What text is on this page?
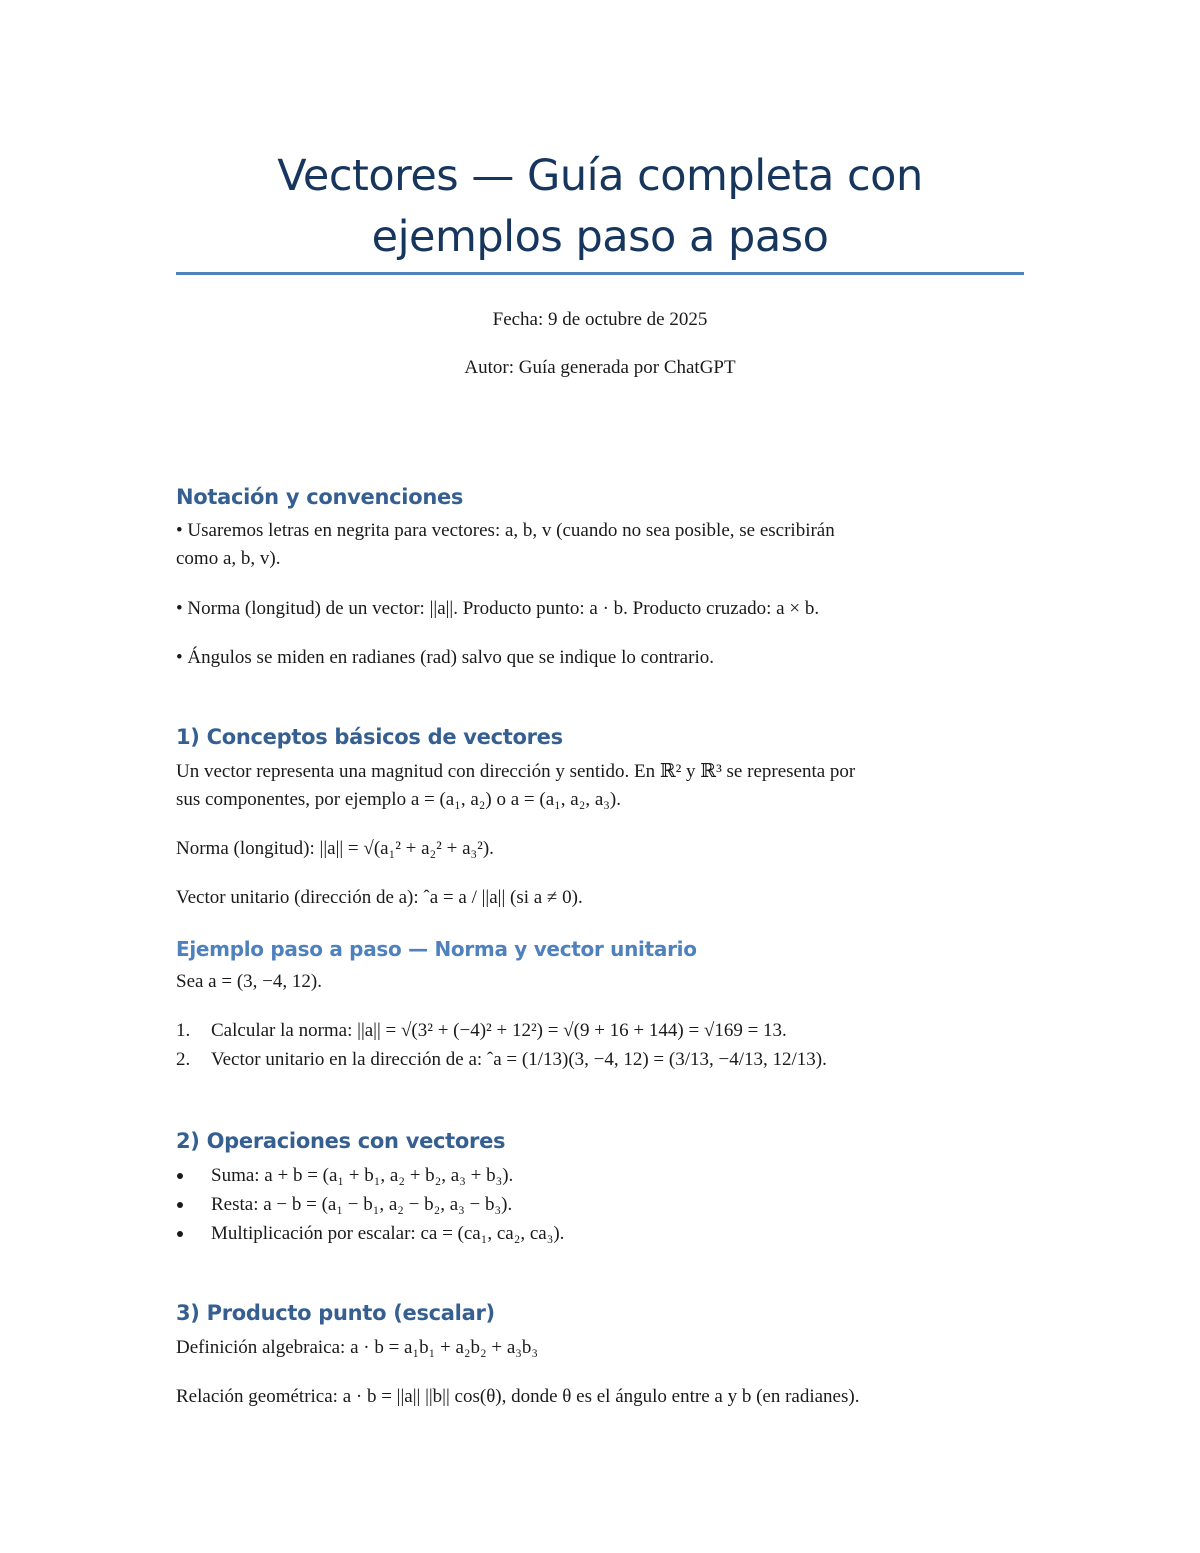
Vectores — Guía completa con
ejemplos paso a paso
Fecha: 9 de octubre de 2025
Autor: Guía generada por ChatGPT
Notación y convenciones
• Usaremos letras en negrita para vectores: a, b, v (cuando no sea posible, se escribirán
como a, b, v).
• Norma (longitud) de un vector: ||a||. Producto punto: a · b. Producto cruzado: a × b.
• Ángulos se miden en radianes (rad) salvo que se indique lo contrario.
1) Conceptos básicos de vectores
Un vector representa una magnitud con dirección y sentido. En ℝ² y ℝ³ se representa por
sus componentes, por ejemplo a = (a₁, a₂) o a = (a₁, a₂, a₃).
Norma (longitud): ||a|| = √(a₁² + a₂² + a₃²).
Vector unitario (dirección de a): ˆa = a / ||a|| (si a ≠ 0).
Ejemplo paso a paso — Norma y vector unitario
Sea a = (3, −4, 12).
1.	Calcular la norma: ||a|| = √(3² + (−4)² + 12²) = √(9 + 16 + 144) = √169 = 13.
2.	Vector unitario en la dirección de a: ˆa = (1/13)(3, −4, 12) = (3/13, −4/13, 12/13).
2) Operaciones con vectores
Suma: a + b = (a₁ + b₁, a₂ + b₂, a₃ + b₃).
Resta: a − b = (a₁ − b₁, a₂ − b₂, a₃ − b₃).
Multiplicación por escalar: ca = (ca₁, ca₂, ca₃).
3) Producto punto (escalar)
Definición algebraica: a · b = a₁b₁ + a₂b₂ + a₃b₃
Relación geométrica: a · b = ||a|| ||b|| cos(θ), donde θ es el ángulo entre a y b (en radianes).
